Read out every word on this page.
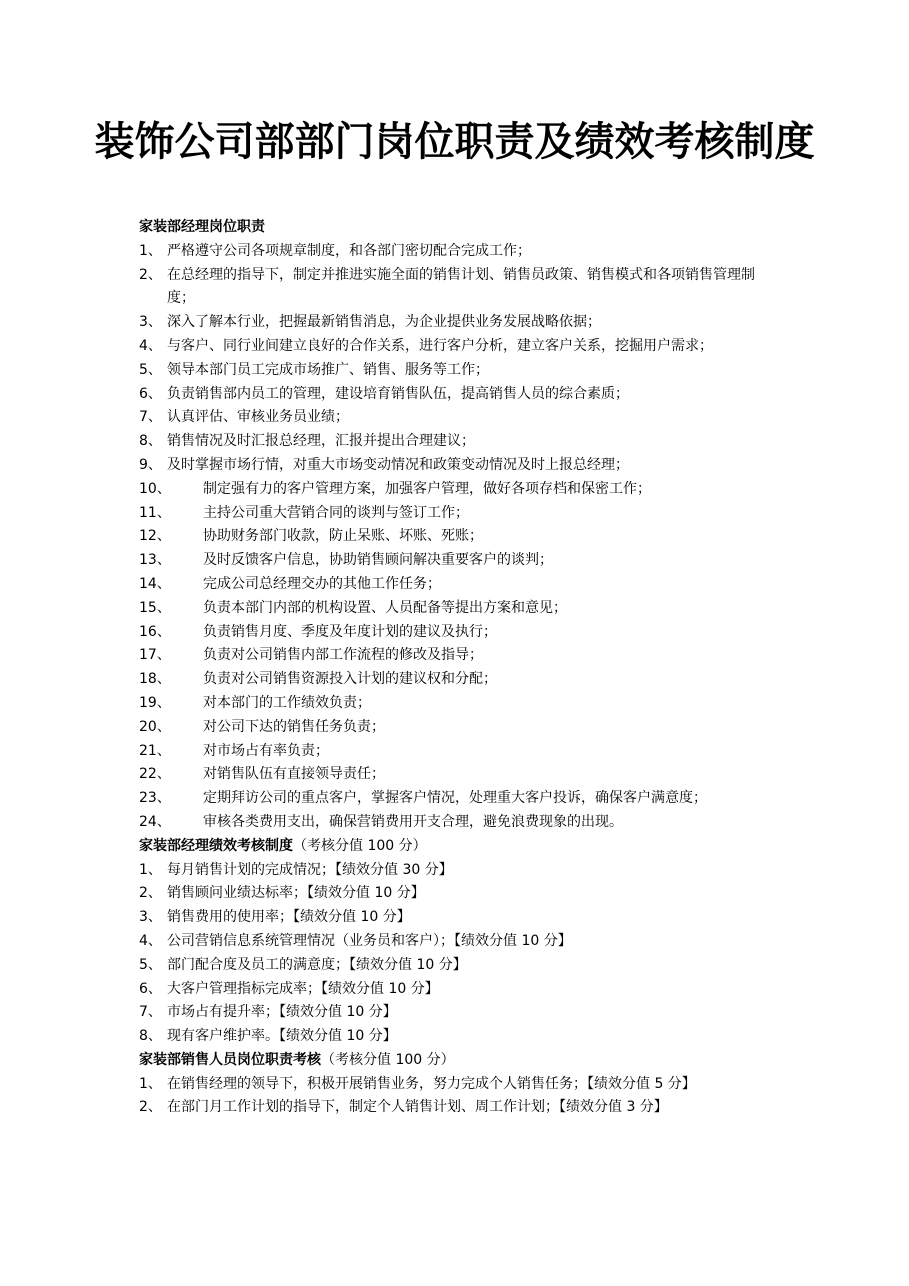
装饰公司部部门岗位职责及绩效考核制度
家装部经理岗位职责
1、 严格遵守公司各项规章制度，和各部门密切配合完成工作；
2、 在总经理的指导下，制定并推进实施全面的销售计划、销售员政策、销售模式和各项销售管理制度；
3、 深入了解本行业，把握最新销售消息，为企业提供业务发展战略依据；
4、 与客户、同行业间建立良好的合作关系，进行客户分析，建立客户关系，挖掘用户需求；
5、 领导本部门员工完成市场推广、销售、服务等工作；
6、 负责销售部内员工的管理，建设培育销售队伍，提高销售人员的综合素质；
7、 认真评估、审核业务员业绩；
8、 销售情况及时汇报总经理，汇报并提出合理建议；
9、 及时掌握市场行情，对重大市场变动情况和政策变动情况及时上报总经理；
10、	制定强有力的客户管理方案，加强客户管理，做好各项存档和保密工作；
11、	主持公司重大营销合同的谈判与签订工作；
12、	协助财务部门收款，防止呆账、坏账、死账；
13、	及时反馈客户信息，协助销售顾问解决重要客户的谈判；
14、	完成公司总经理交办的其他工作任务；
15、	负责本部门内部的机构设置、人员配备等提出方案和意见；
16、	负责销售月度、季度及年度计划的建议及执行；
17、	负责对公司销售内部工作流程的修改及指导；
18、	负责对公司销售资源投入计划的建议权和分配；
19、	对本部门的工作绩效负责；
20、	对公司下达的销售任务负责；
21、	对市场占有率负责；
22、	对销售队伍有直接领导责任；
23、	定期拜访公司的重点客户，掌握客户情况，处理重大客户投诉，确保客户满意度；
24、	审核各类费用支出，确保营销费用开支合理，避免浪费现象的出现。
家装部经理绩效考核制度（考核分值 100 分）
1、 每月销售计划的完成情况；【绩效分值 30 分】
2、 销售顾问业绩达标率；【绩效分值 10 分】
3、 销售费用的使用率；【绩效分值 10 分】
4、 公司营销信息系统管理情况（业务员和客户）；【绩效分值 10 分】
5、 部门配合度及员工的满意度；【绩效分值 10 分】
6、 大客户管理指标完成率；【绩效分值 10 分】
7、 市场占有提升率；【绩效分值 10 分】
8、 现有客户维护率。【绩效分值 10 分】
家装部销售人员岗位职责考核（考核分值 100 分）
1、 在销售经理的领导下，积极开展销售业务，努力完成个人销售任务；【绩效分值 5 分】
2、 在部门月工作计划的指导下，制定个人销售计划、周工作计划；【绩效分值 3 分】
